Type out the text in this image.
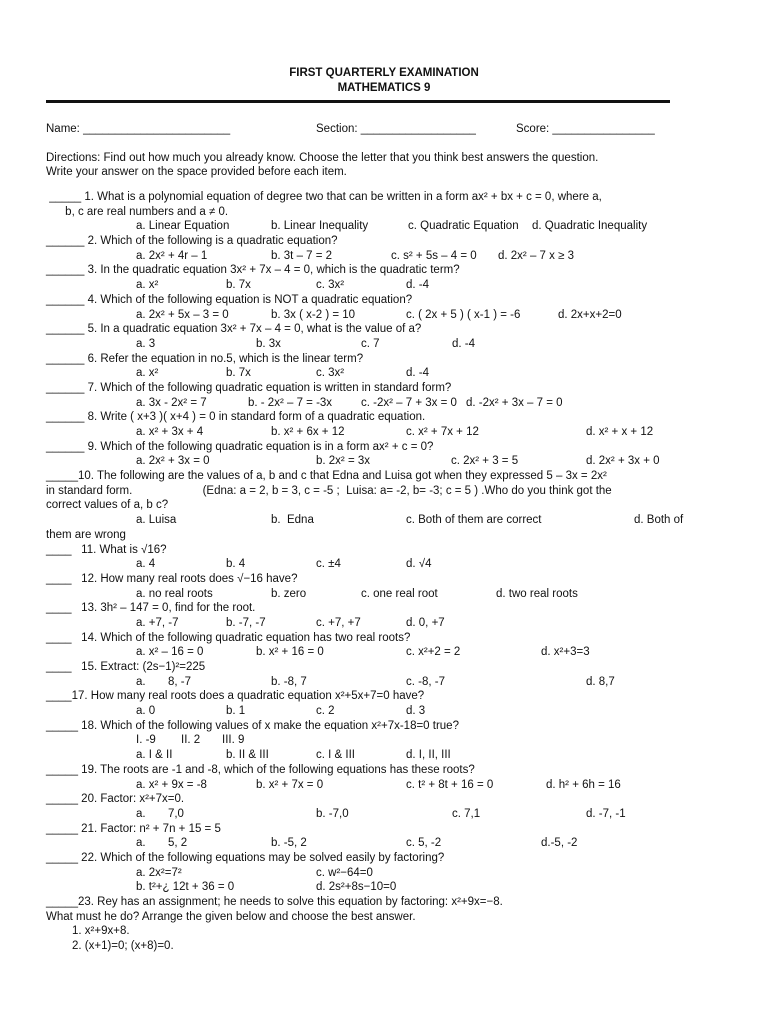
FIRST QUARTERLY EXAMINATION
MATHEMATICS 9
Name: _______________________	Section: __________________	Score: ________________
Directions: Find out how much you already know. Choose the letter that you think best answers the question.
Write your answer on the space provided before each item.
_____ 1. What is a polynomial equation of degree two that can be written in a form ax² + bx + c = 0, where a,
b, c are real numbers and a ≠ 0.
a. Linear Equation	b. Linear Inequality	c. Quadratic Equation d. Quadratic Inequality
______ 2. Which of the following is a quadratic equation?
a. 2x² + 4r – 1	b. 3t – 7 = 2	c. s² + 5s – 4 = 0 d. 2x² – 7 x ≥ 3
______ 3. In the quadratic equation 3x² + 7x – 4 = 0, which is the quadratic term?
a. x²	b. 7x	c. 3x²	d. -4
______ 4. Which of the following equation is NOT a quadratic equation?
a. 2x² + 5x – 3 = 0	b. 3x ( x-2 ) = 10	c. ( 2x + 5 ) ( x-1 ) = -6	d. 2x+x+2=0
______ 5. In a quadratic equation 3x² + 7x – 4 = 0, what is the value of a?
a. 3	b. 3x	c. 7	d. -4
______ 6. Refer the equation in no.5, which is the linear term?
a. x²	b. 7x	c. 3x²	d. -4
______ 7. Which of the following quadratic equation is written in standard form?
a. 3x - 2x² = 7	b. - 2x² – 7 = -3x	c. -2x² – 7 + 3x = 0 d. -2x² + 3x – 7 = 0
______ 8. Write ( x+3 )( x+4 ) = 0 in standard form of a quadratic equation.
a. x² + 3x + 4	b. x² + 6x + 12	c. x² + 7x + 12	d. x² + x + 12
______ 9. Which of the following quadratic equation is in a form ax² + c = 0?
a. 2x² + 3x = 0	b. 2x² = 3x	c. 2x² + 3 = 5	d. 2x² + 3x + 0
_____10. The following are the values of a, b and c that Edna and Luisa got when they expressed 5 – 3x = 2x²
in standard form.                      (Edna: a = 2, b = 3, c = -5 ;  Luisa: a= -2, b= -3; c = 5 ) .Who do you think got the
correct values of a, b c?
a. Luisa	b.  Edna	c. Both of them are correct	d. Both of
them are wrong
____   11. What is √16?
a. 4	b. 4	c. ±4	d. √4
____   12. How many real roots does √−16 have?
a. no real roots	b. zero	c. one real root	d. two real roots
____   13. 3h² – 147 = 0, find for the root.
a. +7, -7	b. -7, -7	c. +7, +7	d. 0, +7
____   14. Which of the following quadratic equation has two real roots?
a. x² – 16 = 0	b. x² + 16 = 0	c. x²+2 = 2	d. x²+3=3
____   15. Extract: (2s−1)²=225
a.       8, -7	b. -8, 7	c. -8, -7	d. 8,7
____17. How many real roots does a quadratic equation x²+5x+7=0 have?
a. 0	b. 1	c. 2	d. 3
_____ 18. Which of the following values of x make the equation x²+7x-18=0 true?
I. -9 II. 2 III. 9
a. I & II	b. II & III	c. I & III	d. I, II, III
_____ 19. The roots are -1 and -8, which of the following equations has these roots?
a. x² + 9x = -8	b. x² + 7x = 0	c. t² + 8t + 16 = 0	d. h² + 6h = 16
_____ 20. Factor: x²+7x=0.
a.       7,0	b. -7,0	c. 7,1	d. -7, -1
_____ 21. Factor: n² + 7n + 15 = 5
a.       5, 2	b. -5, 2	c. 5, -2	d.-5, -2
_____ 22. Which of the following equations may be solved easily by factoring?
a. 2x²=7²	c. w²−64=0
b. t²+¿ 12t + 36 = 0	d. 2s²+8s−10=0
_____23. Rey has an assignment; he needs to solve this equation by factoring: x²+9x=−8.
What must he do? Arrange the given below and choose the best answer.
1. x²+9x+8.
2. (x+1)=0; (x+8)=0.
